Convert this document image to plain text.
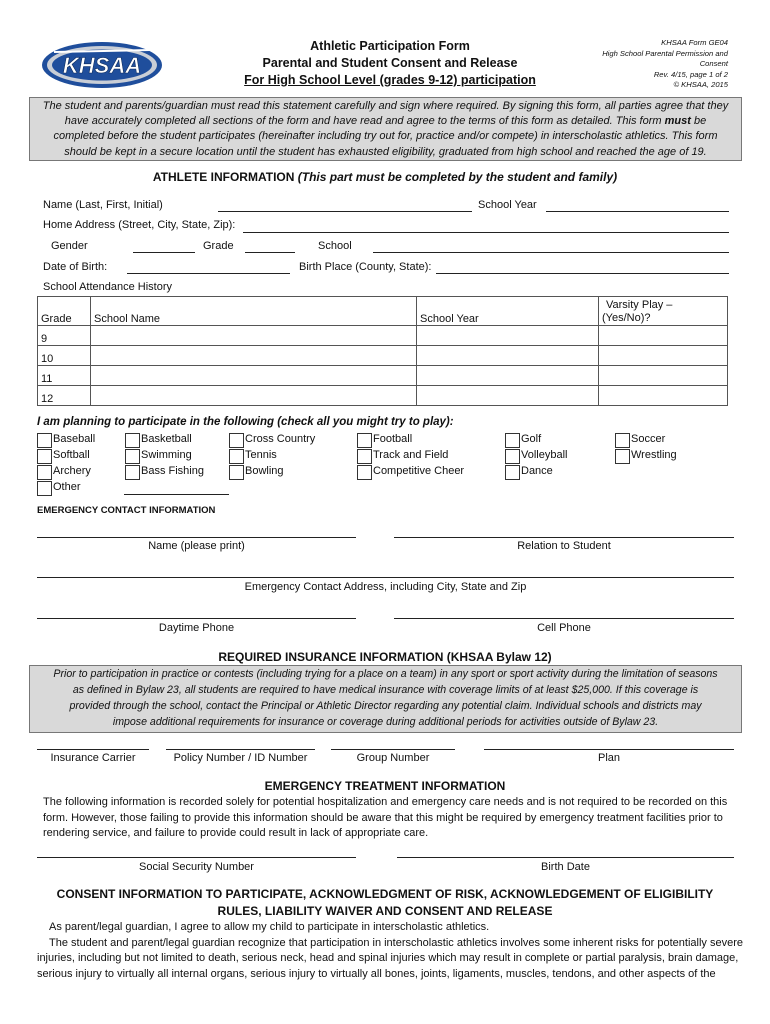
KHSAA
Athletic Participation Form
Parental and Student Consent and Release
For High School Level (grades 9-12) participation
KHSAA Form GE04
High School Parental Permission and
Consent
Rev. 4/15, page 1 of 2
© KHSAA, 2015
The student and parents/guardian must read this statement carefully and sign where required. By signing this form, all parties agree that they
have accurately completed all sections of the form and have read and agree to the terms of this form as detailed. This form must be
completed before the student participates (hereinafter including try out for, practice and/or compete) in interscholastic athletics. This form
should be kept in a secure location until the student has exhausted eligibility, graduated from high school and reached the age of 19.
ATHLETE INFORMATION (This part must be completed by the student and family)
Name (Last, First, Initial)	School Year
Home Address (Street, City, State, Zip):
Gender	Grade	School
Date of Birth:	Birth Place (County, State):
School Attendance History
Grade	School Name	School Year	Varsity Play –
(Yes/No)?

9			
10			
11			
12			
I am planning to participate in the following (check all you might try to play):
Baseball
Softball
Archery
Other
Basketball
Swimming
Bass Fishing
Cross Country
Tennis
Bowling
Football
Track and Field
Competitive Cheer
Golf
Volleyball
Dance
Soccer
Wrestling
EMERGENCY CONTACT INFORMATION
Name (please print)	Relation to Student
Emergency Contact Address, including City, State and Zip
Daytime Phone	Cell Phone
REQUIRED INSURANCE INFORMATION (KHSAA Bylaw 12)
Prior to participation in practice or contests (including trying for a place on a team) in any sport or sport activity during the limitation of seasons
as defined in Bylaw 23, all students are required to have medical insurance with coverage limits of at least $25,000. If this coverage is
provided through the school, contact the Principal or Athletic Director regarding any potential claim. Individual schools and districts may
impose additional requirements for insurance or coverage during additional periods for activities outside of Bylaw 23.
Insurance Carrier	Policy Number / ID Number	Group Number	Plan
EMERGENCY TREATMENT INFORMATION
The following information is recorded solely for potential hospitalization and emergency care needs and is not required to be recorded on this
form. However, those failing to provide this information should be aware that this might be required by emergency treatment facilities prior to
rendering service, and failure to provide could result in lack of appropriate care.
Social Security Number	Birth Date
CONSENT INFORMATION TO PARTICIPATE, ACKNOWLEDGMENT OF RISK, ACKNOWLEDGEMENT OF ELIGIBILITY
RULES, LIABILITY WAIVER AND CONSENT AND RELEASE
As parent/legal guardian, I agree to allow my child to participate in interscholastic athletics.
The student and parent/legal guardian recognize that participation in interscholastic athletics involves some inherent risks for potentially severe
injuries, including but not limited to death, serious neck, head and spinal injuries which may result in complete or partial paralysis, brain damage,
serious injury to virtually all internal organs, serious injury to virtually all bones, joints, ligaments, muscles, tendons, and other aspects of the
